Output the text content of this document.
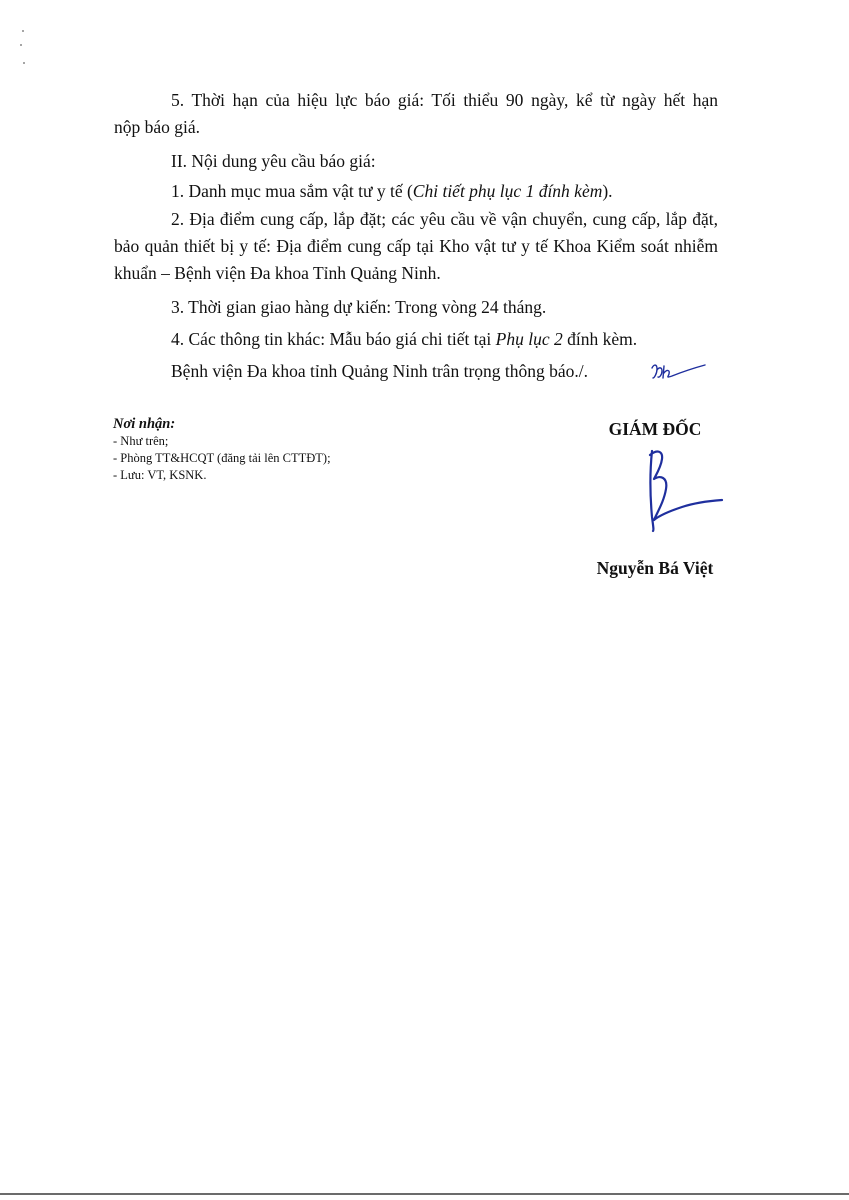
5. Thời hạn của hiệu lực báo giá: Tối thiểu 90 ngày, kể từ ngày hết hạn
nộp báo giá.
II. Nội dung yêu cầu báo giá:
1. Danh mục mua sắm vật tư y tế (Chi tiết phụ lục 1 đính kèm).
2. Địa điểm cung cấp, lắp đặt; các yêu cầu về vận chuyển, cung cấp, lắp đặt, bảo quản thiết bị y tế: Địa điểm cung cấp tại Kho vật tư y tế Khoa Kiểm soát nhiễm khuẩn – Bệnh viện Đa khoa Tỉnh Quảng Ninh.
3. Thời gian giao hàng dự kiến: Trong vòng 24 tháng.
4. Các thông tin khác: Mẫu báo giá chi tiết tại Phụ lục 2 đính kèm.
Bệnh viện Đa khoa tỉnh Quảng Ninh trân trọng thông báo./.
Nơi nhận:
- Như trên;
- Phòng TT&HCQT (đăng tải lên CTTĐT);
- Lưu: VT, KSNK.
GIÁM ĐỐC
Nguyễn Bá Việt
